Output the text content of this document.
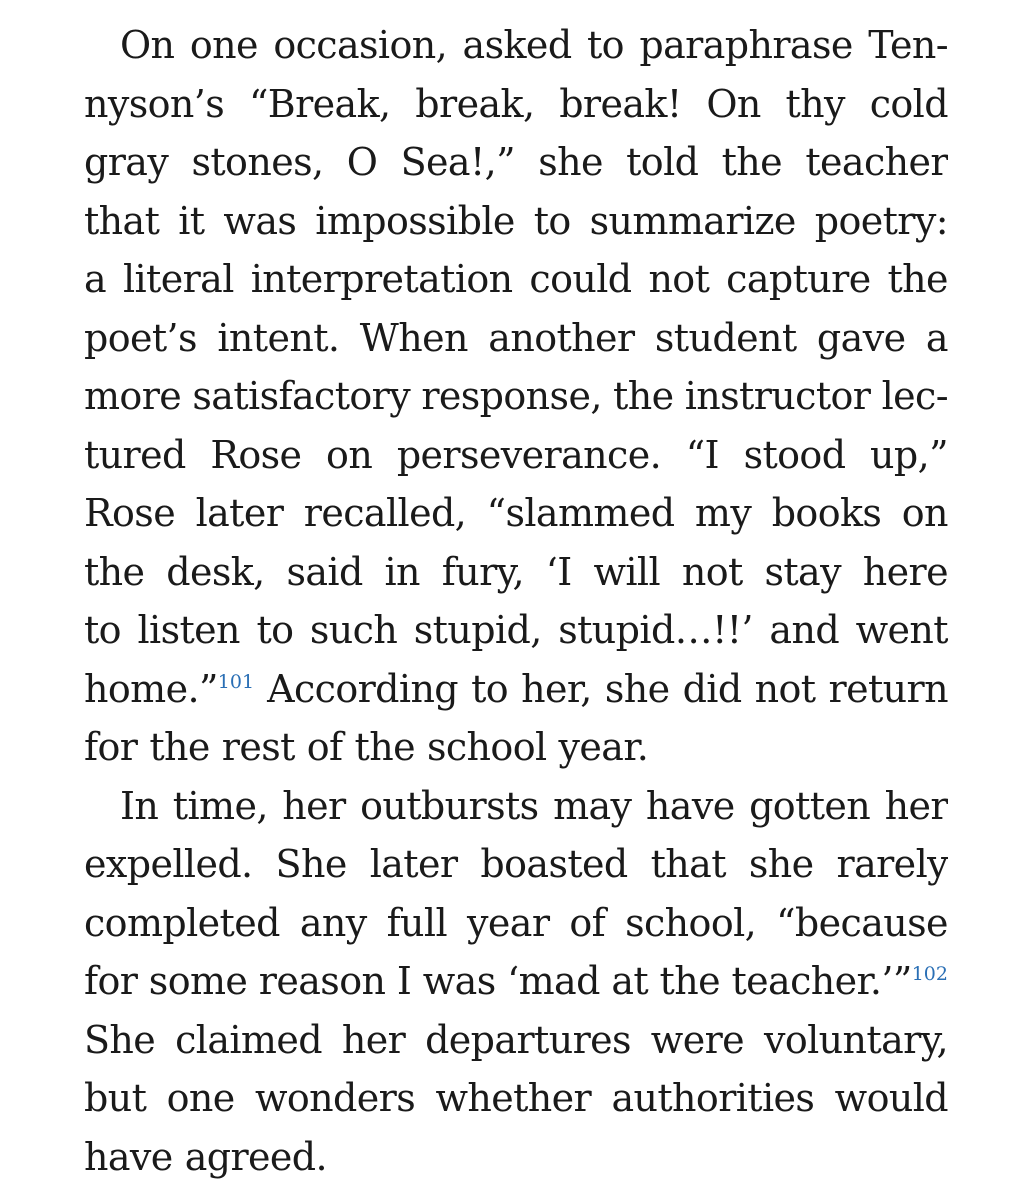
On one occasion, asked to paraphrase Ten-
nyson’s “Break, break, break! On thy cold
gray stones, O Sea!,” she told the teacher
that it was impossible to summarize poetry:
a literal interpretation could not capture the
poet’s intent. When another student gave a
more satisfactory response, the instructor lec-
tured Rose on perseverance. “I stood up,”
Rose later recalled, “slammed my books on
the desk, said in fury, ‘I will not stay here
to listen to such stupid, stupid…!!’ and went
home.”$^{101}$ According to her, she did not return
for the rest of the school year.
In time, her outbursts may have gotten her
expelled. She later boasted that she rarely
completed any full year of school, “because
for some reason I was ‘mad at the teacher.’”$^{102}$
She claimed her departures were voluntary,
but one wonders whether authorities would
have agreed.
